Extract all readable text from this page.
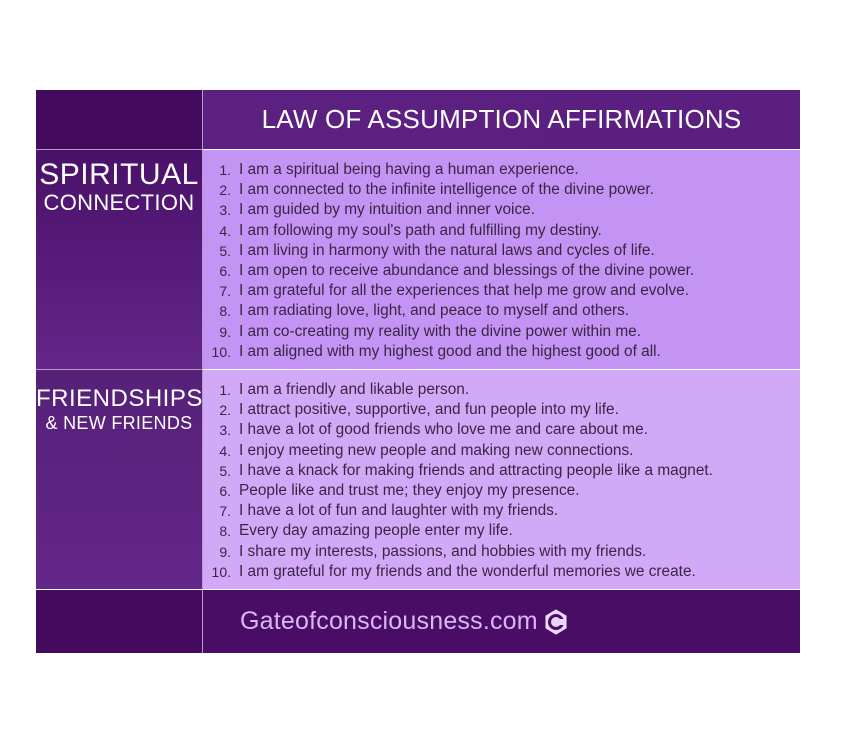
LAW OF ASSUMPTION AFFIRMATIONS
SPIRITUAL
CONNECTION
1. I am a spiritual being having a human experience.
2. I am connected to the infinite intelligence of the divine power.
3. I am guided by my intuition and inner voice.
4. I am following my soul's path and fulfilling my destiny.
5. I am living in harmony with the natural laws and cycles of life.
6. I am open to receive abundance and blessings of the divine power.
7. I am grateful for all the experiences that help me grow and evolve.
8. I am radiating love, light, and peace to myself and others.
9. I am co-creating my reality with the divine power within me.
10. I am aligned with my highest good and the highest good of all.
FRIENDSHIPS
& NEW FRIENDS
1. I am a friendly and likable person.
2. I attract positive, supportive, and fun people into my life.
3. I have a lot of good friends who love me and care about me.
4. I enjoy meeting new people and making new connections.
5. I have a knack for making friends and attracting people like a magnet.
6. People like and trust me; they enjoy my presence.
7. I have a lot of fun and laughter with my friends.
8. Every day amazing people enter my life.
9. I share my interests, passions, and hobbies with my friends.
10. I am grateful for my friends and the wonderful memories we create.
Gateofconsciousness.com
